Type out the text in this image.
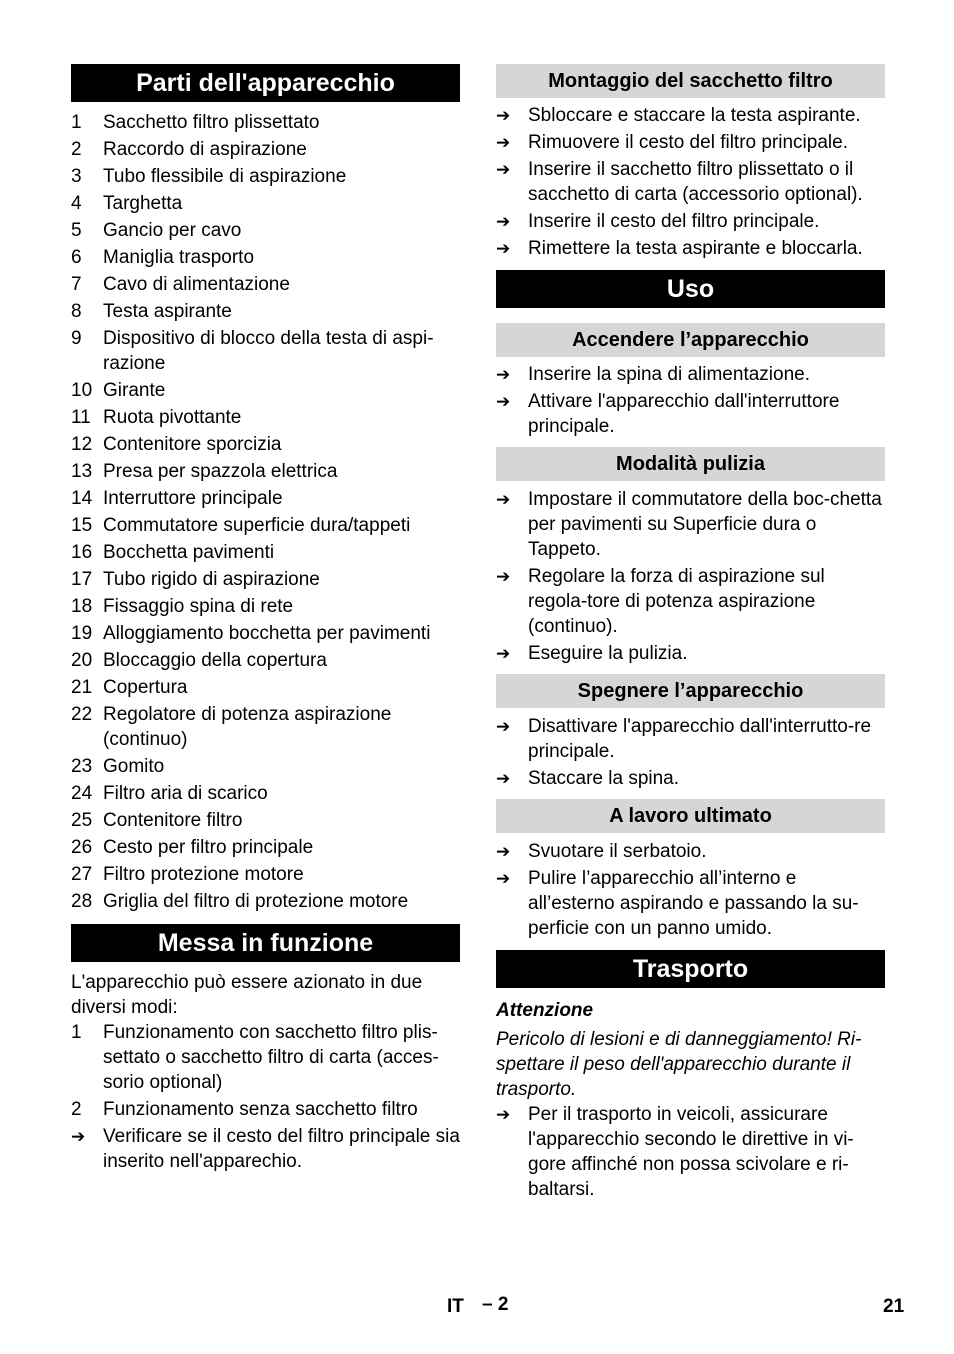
Parti dell'apparecchio
1	Sacchetto filtro plissettato
2	Raccordo di aspirazione
3	Tubo flessibile di aspirazione
4	Targhetta
5	Gancio per cavo
6	Maniglia trasporto
7	Cavo di alimentazione
8	Testa aspirante
9	Dispositivo di blocco della testa di aspi-razione
10 Girante
11 Ruota pivottante
12 Contenitore sporcizia
13 Presa per spazzola elettrica
14 Interruttore principale
15 Commutatore superficie dura/tappeti
16 Bocchetta pavimenti
17 Tubo rigido di aspirazione
18 Fissaggio spina di rete
19 Alloggiamento bocchetta per pavimenti
20 Bloccaggio della copertura
21 Copertura
22 Regolatore di potenza aspirazione (continuo)
23 Gomito
24 Filtro aria di scarico
25 Contenitore filtro
26 Cesto per filtro principale
27 Filtro protezione motore
28 Griglia del filtro di protezione motore
Messa in funzione
L'apparecchio può essere azionato in due diversi modi:
1	Funzionamento con sacchetto filtro plis-settato o sacchetto filtro di carta (acces-sorio optional)
2	Funzionamento senza sacchetto filtro
➔ Verificare se il cesto del filtro principale sia inserito nell'apparechio.
Montaggio del sacchetto filtro
➔ Sbloccare e staccare la testa aspirante.
➔ Rimuovere il cesto del filtro principale.
➔ Inserire il sacchetto filtro plissettato o il sacchetto di carta (accessorio optional).
➔ Inserire il cesto del filtro principale.
➔ Rimettere la testa aspirante e bloccarla.
Uso
Accendere l’apparecchio
➔ Inserire la spina di alimentazione.
➔ Attivare l'apparecchio dall'interruttore principale.
Modalità pulizia
➔ Impostare il commutatore della boc-chetta per pavimenti su Superficie dura o Tappeto.
➔ Regolare la forza di aspirazione sul regola-tore di potenza aspirazione (continuo).
➔ Eseguire la pulizia.
Spegnere l’apparecchio
➔ Disattivare l'apparecchio dall'interrutto-re principale.
➔ Staccare la spina.
A lavoro ultimato
➔ Svuotare il serbatoio.
➔ Pulire l’apparecchio all’interno e all’esterno aspirando e passando la su-perficie con un panno umido.
Trasporto
Attenzione
Pericolo di lesioni e di danneggiamento! Ri-spettare il peso dell'apparecchio durante il trasporto.
➔ Per il trasporto in veicoli, assicurare l'apparecchio secondo le direttive in vi-gore affinché non possa scivolare e ri-baltarsi.
IT – 2	21
